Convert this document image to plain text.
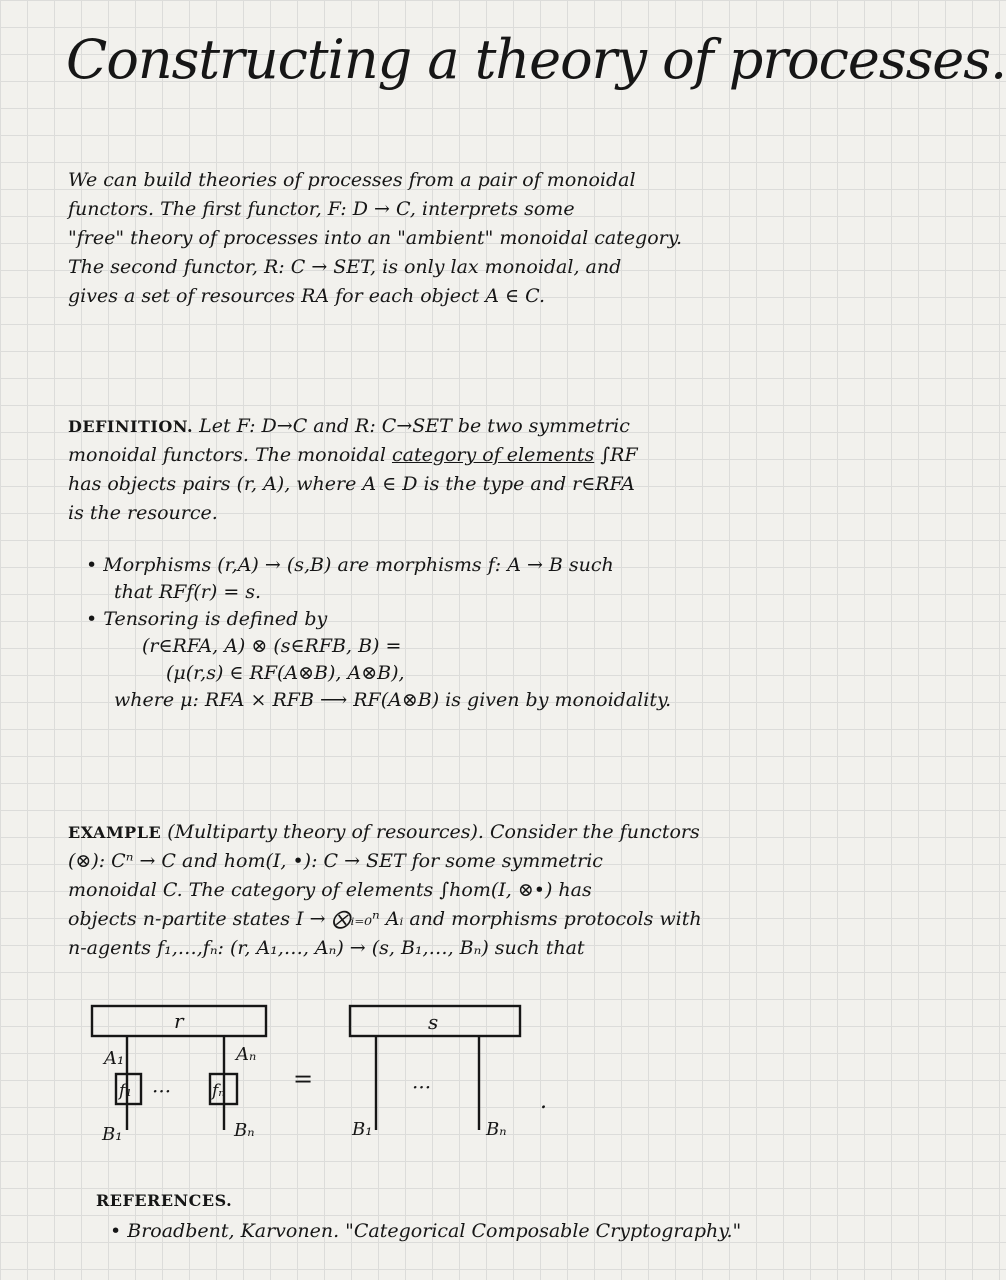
Constructing a theory of processes.
We can build theories of processes from a pair of monoidal
functors. The first functor, F: D → C, interprets some
"free" theory of processes into an "ambient" monoidal category.
The second functor, R: C → SET, is only lax monoidal, and
gives a set of resources RA for each object A ∈ C.
DEFINITION. Let F: D→C and R: C→SET be two symmetric
monoidal functors. The monoidal category of elements ∫RF
has objects pairs (r, A), where A ∈ D is the type and r∈RFA
is the resource.
• Morphisms (r,A) → (s,B) are morphisms f: A → B such
that RFf(r) = s.
• Tensoring is defined by
(r∈RFA, A) ⊗ (s∈RFB, B) =
(μ(r,s) ∈ RF(A⊗B), A⊗B),
where μ: RFA × RFB ⟶ RF(A⊗B) is given by monoidality.
EXAMPLE (Multiparty theory of resources). Consider the functors
(⊗): Cⁿ → C and hom(I, •): C → SET for some symmetric
monoidal C. The category of elements ∫hom(I, ⊗•) has
objects n-partite states I → ⨂ᵢ₌₀ⁿ Aᵢ and morphisms protocols with
n-agents f₁,…,fₙ: (r, A₁,…, Aₙ) → (s, B₁,…, Bₙ) such that
r	s
A₁	Aₙ
f₁	fₙ
···	=
B₁	Bₙ	B₁	Bₙ
···
.
REFERENCES.
• Broadbent, Karvonen. "Categorical Composable Cryptography."
